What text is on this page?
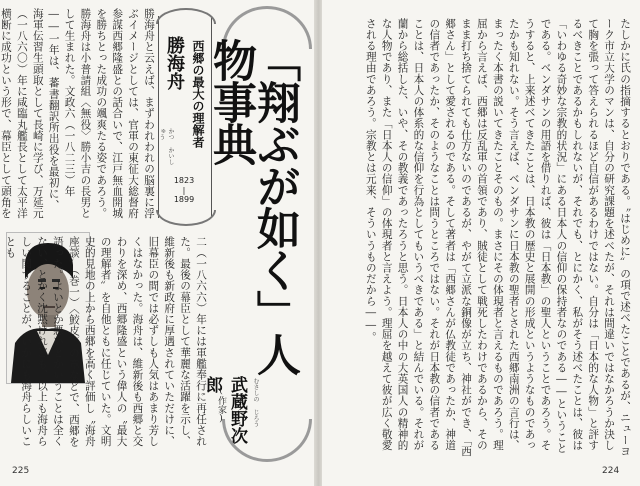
勝海舟と云えば、まずわれわれの脳裏に浮ぶイメージとしては、官軍の東征大総督府参謀西郷隆盛との話合いで、江戸無血開城を勝ちとった成功の颯爽たる姿であろう。勝海舟は小普請組〈無役〉勝小吉の長男として生まれた。文政六（一八二三）年――一年は、蕃書翻訳所出役を最初に、海軍伝習生頭取として長崎に学び、万延元（一八六〇）年に咸臨丸艦長として太平洋横断に成功という形で、幕臣として頭角を
西郷の最大の理解者
勝海舟
かつ かいしゅう
1823
|
1899
二（一八六六）年には軍艦奉行に再任された。最後の幕臣として華麗な活躍を示し、維新後も新政府に厚遇されていただけに、旧幕臣の間では必ずしも人気はあまり芳しくはなかった。海舟は、維新後も西郷と交わりを深め、西郷隆盛という偉人の〝最大の理解者〟を自他ともに任じていた。文明史的見地の上から西郷を高く評価し〝海舟座談〟（巻一）〈鮫皮〉の章などで、西郷を語った。よいとか悪いとかいうことは全くない、とかく沈黙けれども、以上も海舟らしい関することが、いかにも海舟らしいことも	「翔ぶが如く」人物事典
むさしの じろう
武蔵野次郎
(作家)
225
たしかに氏の指摘するとおりである。〝はじめに〟の項で述べたことであるが、ニューヨーク市立大学のマンは、自分の研究課題を述べたが、それは間違いではなかろうか決して胸を張って答えられるほど自信があるわけではない。自分は「日本的な人物」と評するべきことであるかもしれないが、それでも、とにかく、私がそう述べたことは、彼は「いわゆる奇妙な宗教的状況」にある日本人の信仰の保持者なのである――ということである。ベンダサンの用語を借りれば、彼は「日本教」の聖人ということであろう。そうすると、上来述べてきたことは、日本教の歴史と展開の形成というようなものであったかも知れない。そう言えば、ベンダサンに日本教の聖者とされた西郷南洲の言行は、まったく本書の説いてきたことそのもの。まさにその体現者と言えるものであろう。理屈から言えば、西郷は反乱軍の首領であり、賊徒として戦死したわけであるから、そのまま打ち捨てられても仕方ないのであるが、やがて立派な銅像が立ち、神社ができ、「西郷さん」として愛されるのである。そして著者は「西郷さんが仏教徒であったか、神道の信者であったか、そのようなことは問うところではない。それが日本教の信者であることは、日本人の体系的な信仰を行為としてもいうべきである」と結んでいる。それが蘭から総括した、いや、その教義であったろうと思う。日本人の中の大英国人の精神的な人物であり、また「日本人の信仰」の体現者と言えよう。理屈を越えて彼が広く敬愛される理由であろう。宗教とは元来、そういうものだから――。
224
